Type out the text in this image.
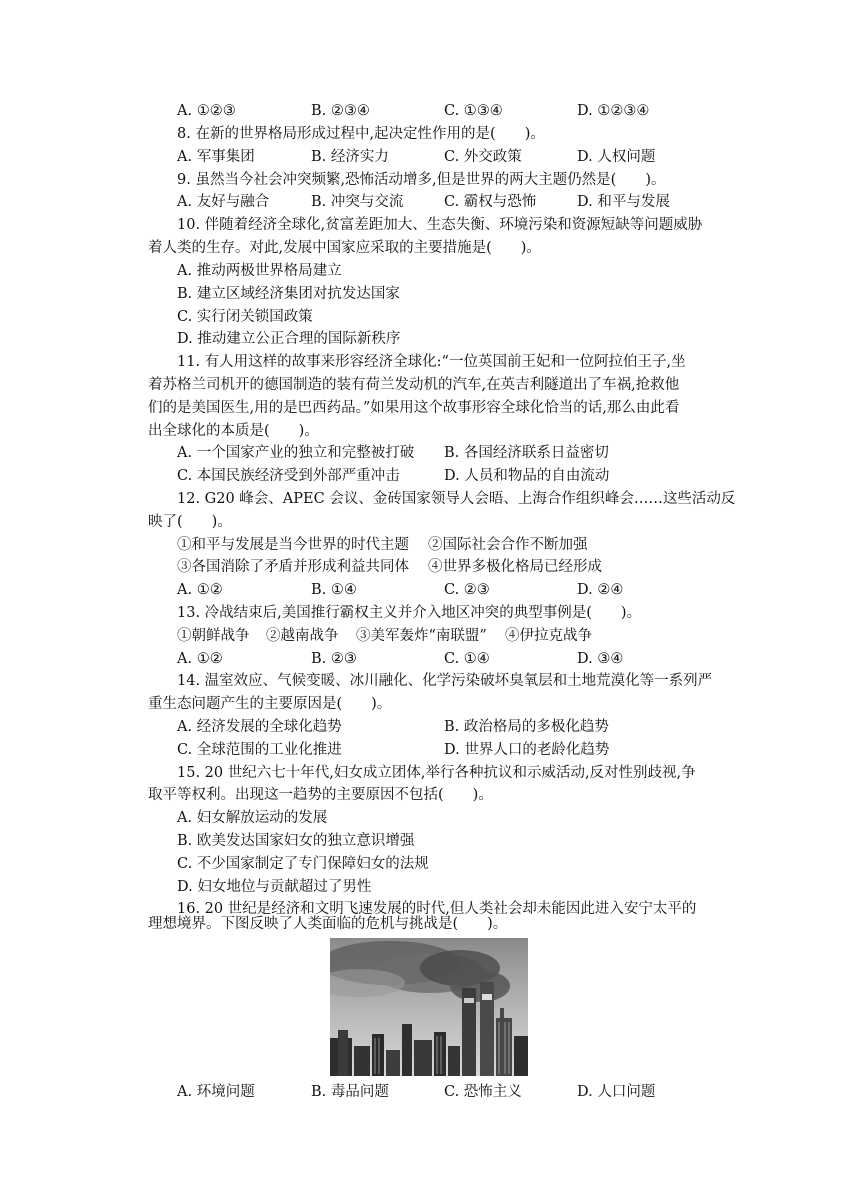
A. ①②③	B. ②③④	C. ①③④	D. ①②③④
8. 在新的世界格局形成过程中,起决定性作用的是(　　)。
A. 军事集团	B. 经济实力	C. 外交政策	D. 人权问题
9. 虽然当今社会冲突频繁,恐怖活动增多,但是世界的两大主题仍然是(　　)。
A. 友好与融合	B. 冲突与交流	C. 霸权与恐怖	D. 和平与发展
10. 伴随着经济全球化,贫富差距加大、生态失衡、环境污染和资源短缺等问题威胁
着人类的生存。对此,发展中国家应采取的主要措施是(　　)。
A. 推动两极世界格局建立
B. 建立区域经济集团对抗发达国家
C. 实行闭关锁国政策
D. 推动建立公正合理的国际新秩序
11. 有人用这样的故事来形容经济全球化:“一位英国前王妃和一位阿拉伯王子,坐
着苏格兰司机开的德国制造的装有荷兰发动机的汽车,在英吉利隧道出了车祸,抢救他
们的是美国医生,用的是巴西药品。”如果用这个故事形容全球化恰当的话,那么由此看
出全球化的本质是(　　)。
A. 一个国家产业的独立和完整被打破 B. 各国经济联系日益密切
C. 本国民族经济受到外部严重冲击	D. 人员和物品的自由流动
12. G20 峰会、APEC 会议、金砖国家领导人会晤、上海合作组织峰会……这些活动反
映了(　　)。
①和平与发展是当今世界的时代主题 ②国际社会合作不断加强
③各国消除了矛盾并形成利益共同体 ④世界多极化格局已经形成
A. ①②	B. ①④	C. ②③	D. ②④
13. 冷战结束后,美国推行霸权主义并介入地区冲突的典型事例是(　　)。
①朝鲜战争 ②越南战争 ③美军轰炸“南联盟” ④伊拉克战争
A. ①②	B. ②③	C. ①④	D. ③④
14. 温室效应、气候变暖、冰川融化、化学污染破坏臭氧层和土地荒漠化等一系列严
重生态问题产生的主要原因是(　　)。
A. 经济发展的全球化趋势	B. 政治格局的多极化趋势
C. 全球范围的工业化推进	D. 世界人口的老龄化趋势
15. 20 世纪六七十年代,妇女成立团体,举行各种抗议和示威活动,反对性别歧视,争
取平等权利。出现这一趋势的主要原因不包括(　　)。
A. 妇女解放运动的发展
B. 欧美发达国家妇女的独立意识增强
C. 不少国家制定了专门保障妇女的法规
D. 妇女地位与贡献超过了男性
16. 20 世纪是经济和文明飞速发展的时代,但人类社会却未能因此进入安宁太平的
理想境界。下图反映了人类面临的危机与挑战是(　　)。
A. 环境问题	B. 毒品问题	C. 恐怖主义	D. 人口问题
